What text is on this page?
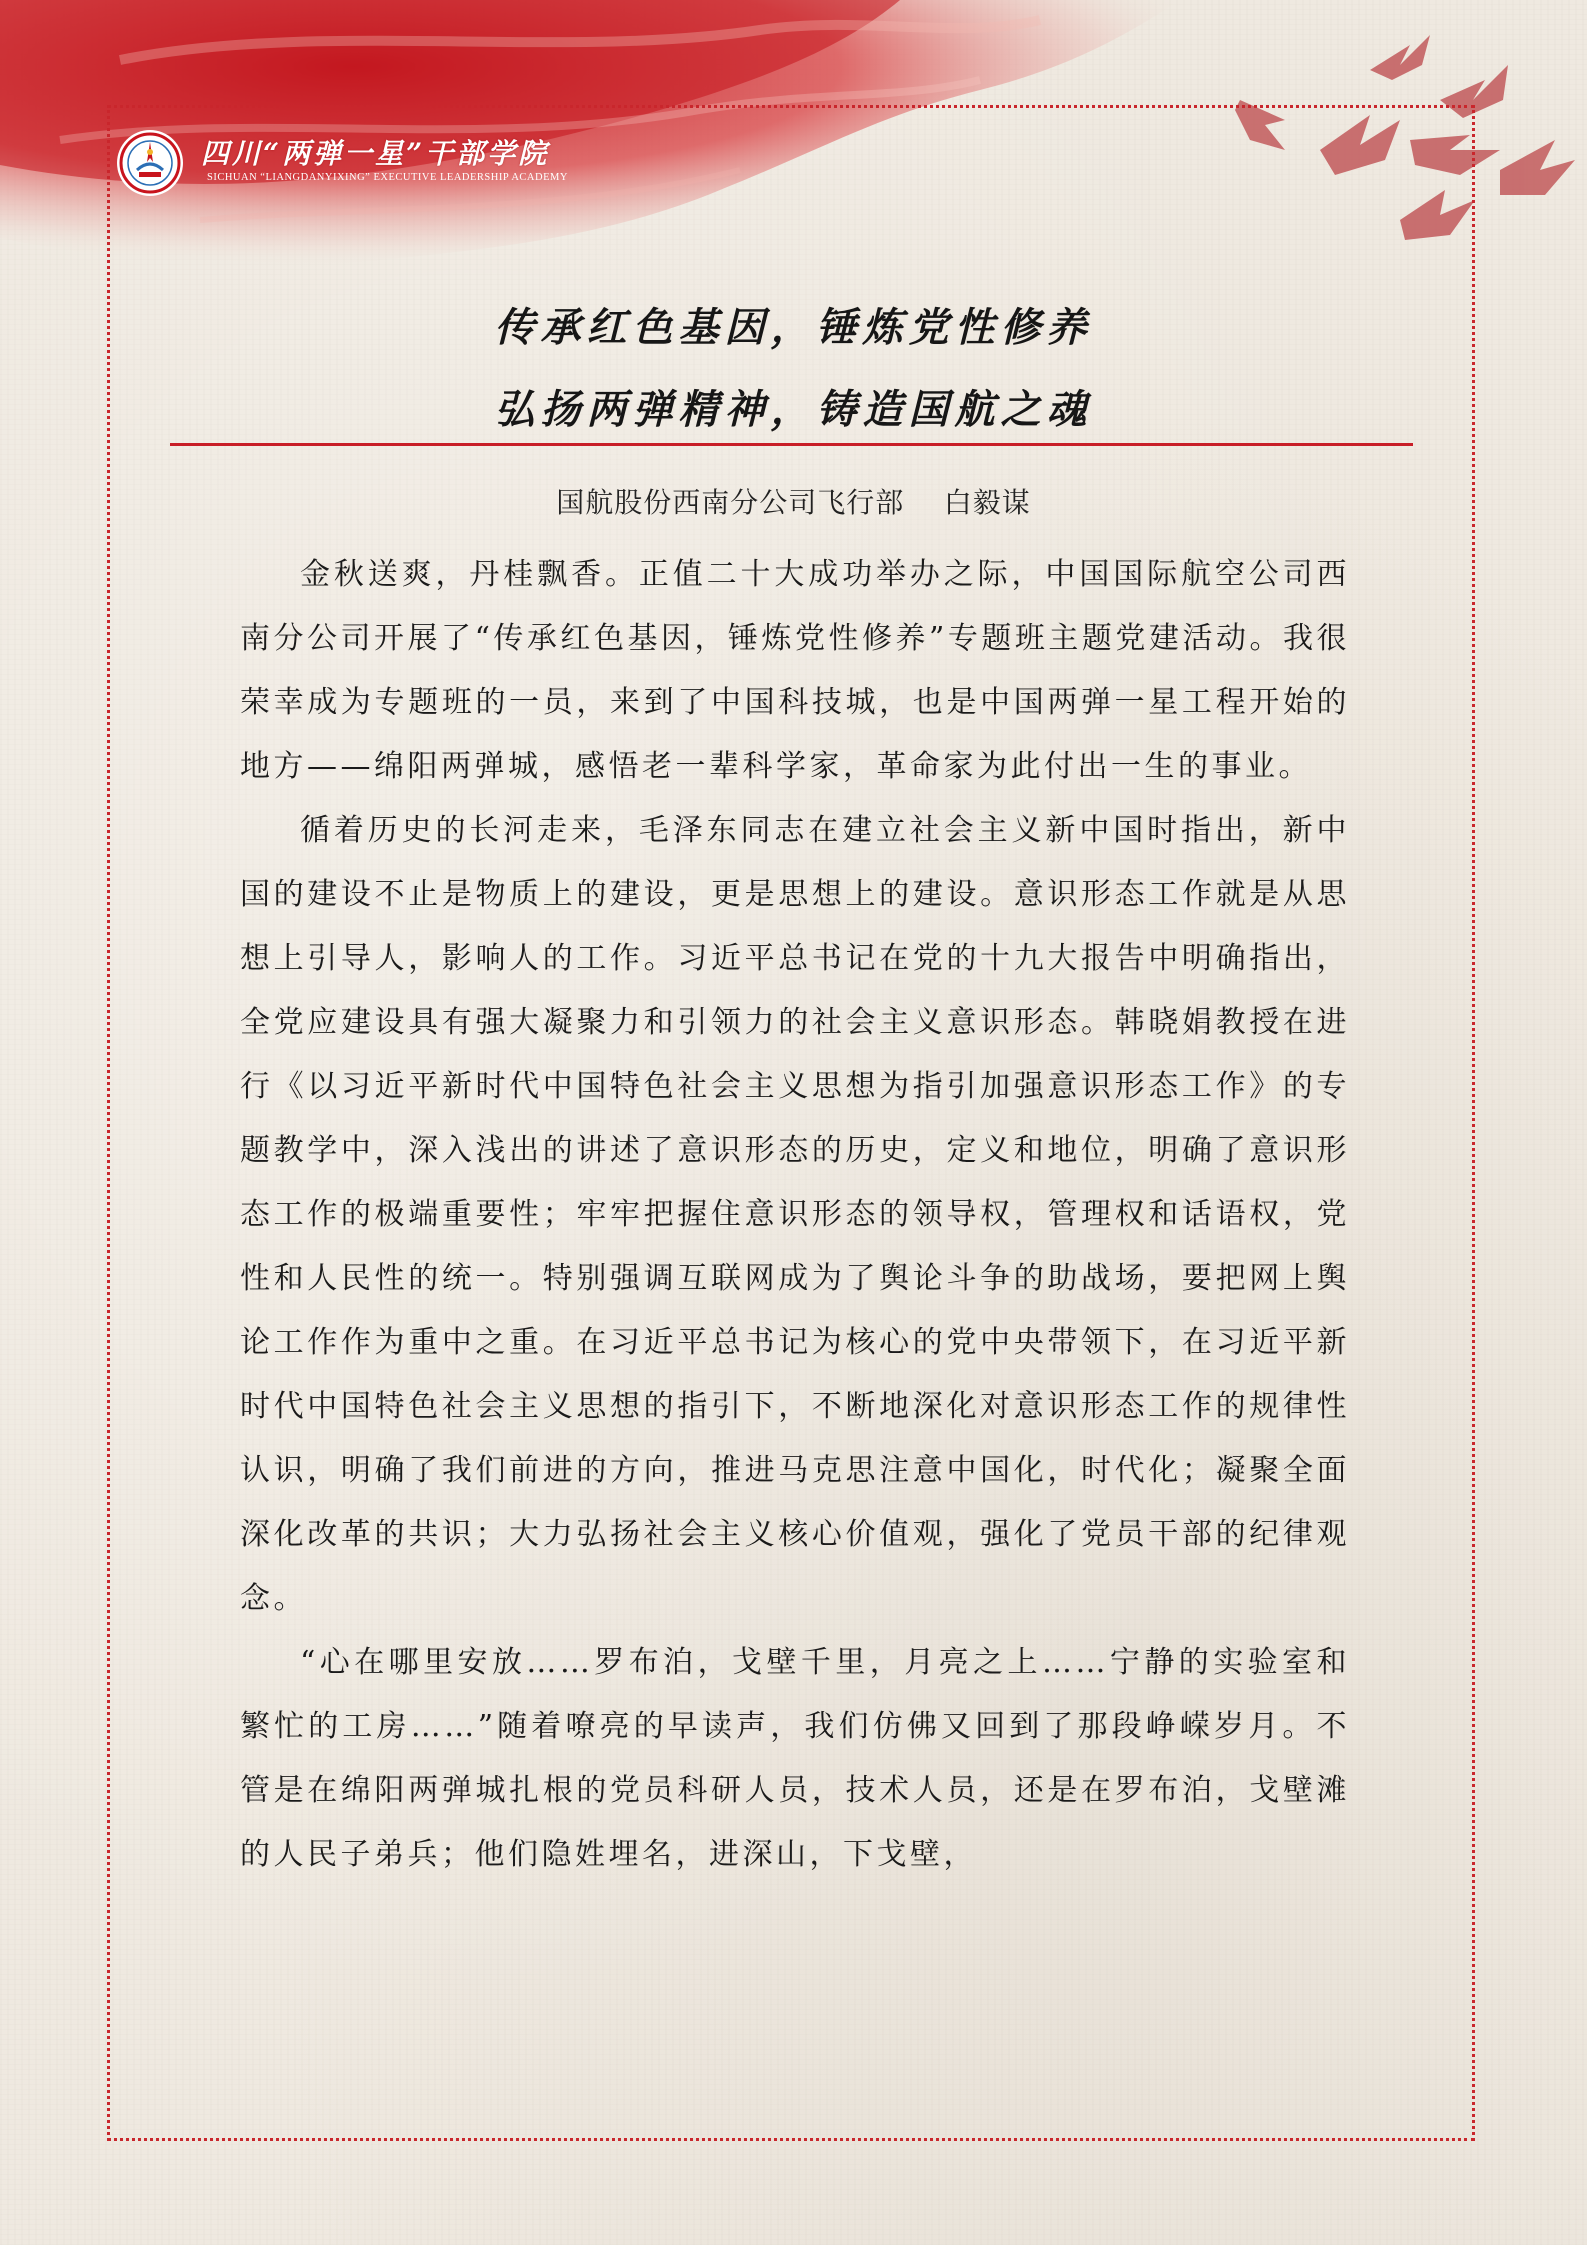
四川“两弹一星”干部学院
SICHUAN “LIANGDANYIXING” EXECUTIVE LEADERSHIP ACADEMY
传承红色基因，锤炼党性修养
弘扬两弹精神，铸造国航之魂
国航股份西南分公司飞行部    白毅谋

金秋送爽，丹桂飘香。正值二十大成功举办之际，中国国际航空公司西南分公司开展了“传承红色基因，锤炼党性修养”专题班主题党建活动。我很荣幸成为专题班的一员，来到了中国科技城，也是中国两弹一星工程开始的地方——绵阳两弹城，感悟老一辈科学家，革命家为此付出一生的事业。

循着历史的长河走来，毛泽东同志在建立社会主义新中国时指出，新中国的建设不止是物质上的建设，更是思想上的建设。意识形态工作就是从思想上引导人，影响人的工作。习近平总书记在党的十九大报告中明确指出，全党应建设具有强大凝聚力和引领力的社会主义意识形态。韩晓娟教授在进行《以习近平新时代中国特色社会主义思想为指引加强意识形态工作》的专题教学中，深入浅出的讲述了意识形态的历史，定义和地位，明确了意识形态工作的极端重要性；牢牢把握住意识形态的领导权，管理权和话语权，党性和人民性的统一。特别强调互联网成为了舆论斗争的助战场，要把网上舆论工作作为重中之重。在习近平总书记为核心的党中央带领下，在习近平新时代中国特色社会主义思想的指引下，不断地深化对意识形态工作的规律性认识，明确了我们前进的方向，推进马克思注意中国化，时代化；凝聚全面深化改革的共识；大力弘扬社会主义核心价值观，强化了党员干部的纪律观念。

“心在哪里安放……罗布泊，戈壁千里，月亮之上……宁静的实验室和繁忙的工房……”随着嘹亮的早读声，我们仿佛又回到了那段峥嵘岁月。不管是在绵阳两弹城扎根的党员科研人员，技术人员，还是在罗布泊，戈壁滩的人民子弟兵；他们隐姓埋名，进深山，下戈壁，
